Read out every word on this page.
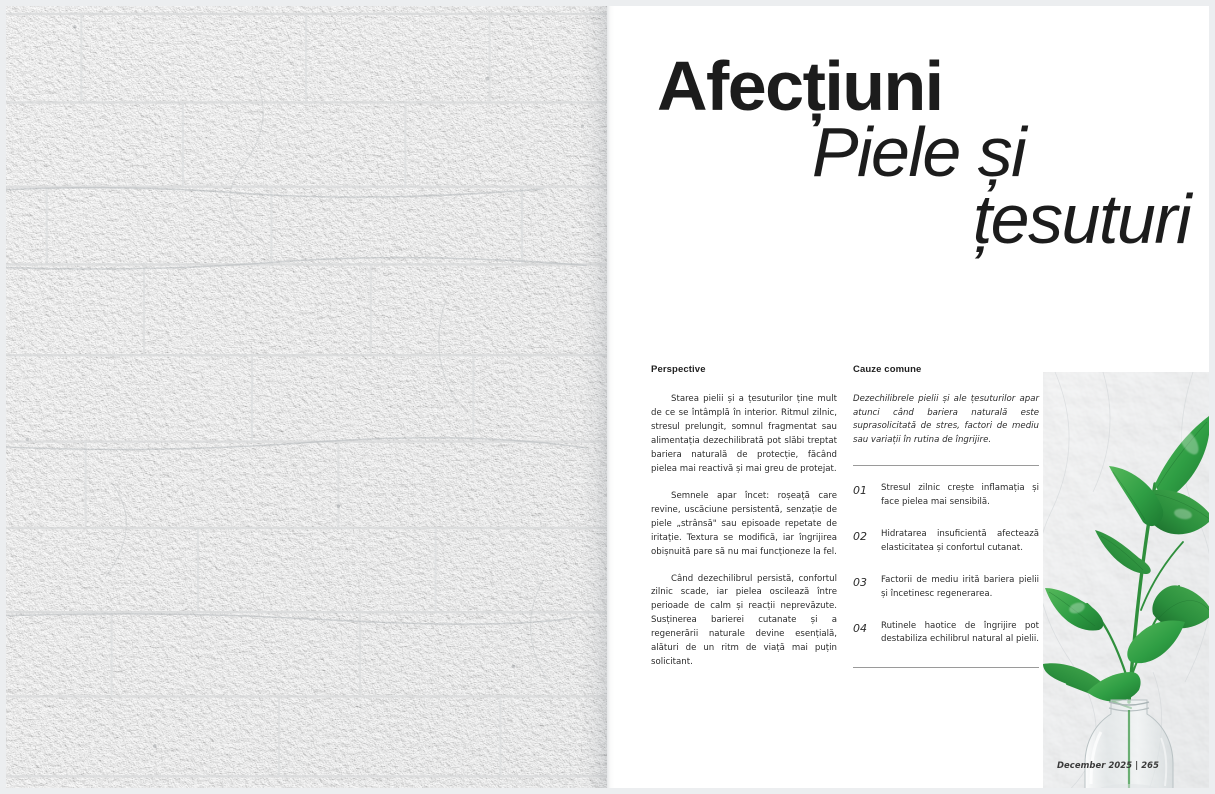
Afecțiuni
Piele și
țesuturi
Perspective

Starea pielii și a țesuturilor ține mult de ce se întâmplă în interior. Ritmul zilnic, stresul prelungit, somnul fragmentat sau alimentația dezechilibrată pot slăbi treptat bariera naturală de protecție, făcând pielea mai reactivă și mai greu de protejat.

Semnele apar încet: roșeață care revine, uscăciune persistentă, senzație de piele „strânsă" sau episoade repetate de iritație. Textura se modifică, iar îngrijirea obișnuită pare să nu mai funcționeze la fel.

Când dezechilibrul persistă, confortul zilnic scade, iar pielea oscilează între perioade de calm și reacții neprevăzute. Susținerea barierei cutanate și a regenerării naturale devine esențială, alături de un ritm de viață mai puțin solicitant.

Cauze comune

Dezechilibrele pielii și ale țesuturilor apar atunci când bariera naturală este suprasolicitată de stres, factori de mediu sau variații în rutina de îngrijire.

01	Stresul zilnic crește inflamația și face pielea mai sensibilă.
02	Hidratarea insuficientă afectează elasticitatea și confortul cutanat.
03	Factorii de mediu irită bariera pielii și încetinesc regenerarea.
04	Rutinele haotice de îngrijire pot destabiliza echilibrul natural al pielii.
December 2025 | 265
